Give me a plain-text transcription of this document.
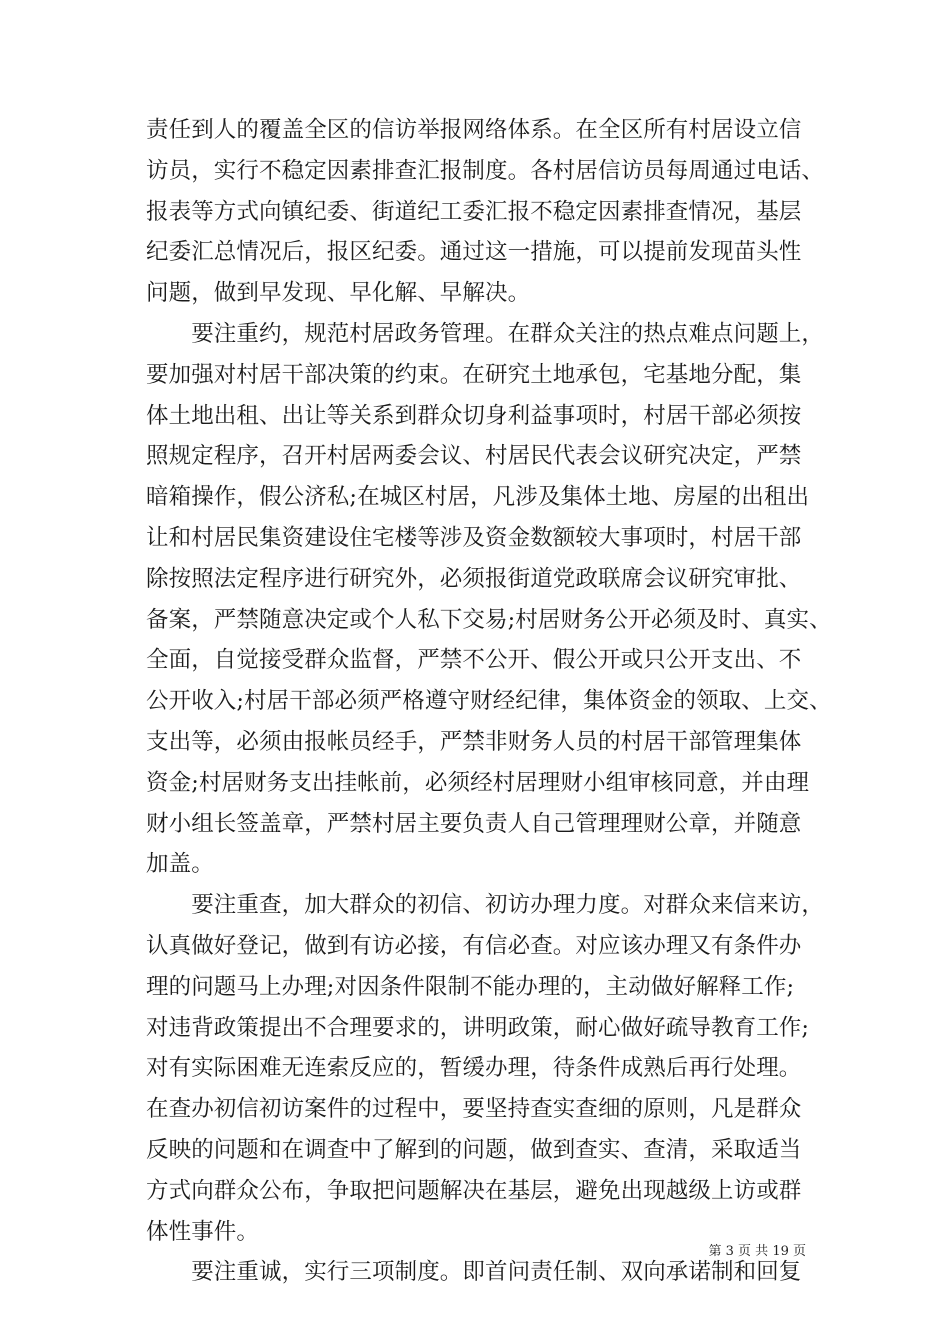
责任到人的覆盖全区的信访举报网络体系。在全区所有村居设立信
访员，实行不稳定因素排查汇报制度。各村居信访员每周通过电话、
报表等方式向镇纪委、街道纪工委汇报不稳定因素排查情况，基层
纪委汇总情况后，报区纪委。通过这一措施，可以提前发现苗头性
问题，做到早发现、早化解、早解决。

　　要注重约，规范村居政务管理。在群众关注的热点难点问题上，
要加强对村居干部决策的约束。在研究土地承包，宅基地分配，集
体土地出租、出让等关系到群众切身利益事项时，村居干部必须按
照规定程序，召开村居两委会议、村居民代表会议研究决定，严禁
暗箱操作，假公济私;在城区村居，凡涉及集体土地、房屋的出租出
让和村居民集资建设住宅楼等涉及资金数额较大事项时，村居干部
除按照法定程序进行研究外，必须报街道党政联席会议研究审批、
备案，严禁随意决定或个人私下交易;村居财务公开必须及时、真实、
全面，自觉接受群众监督，严禁不公开、假公开或只公开支出、不
公开收入;村居干部必须严格遵守财经纪律，集体资金的领取、上交、
支出等，必须由报帐员经手，严禁非财务人员的村居干部管理集体
资金;村居财务支出挂帐前，必须经村居理财小组审核同意，并由理
财小组长签盖章，严禁村居主要负责人自己管理理财公章，并随意
加盖。

　　要注重查，加大群众的初信、初访办理力度。对群众来信来访，
认真做好登记，做到有访必接，有信必查。对应该办理又有条件办
理的问题马上办理;对因条件限制不能办理的，主动做好解释工作;
对违背政策提出不合理要求的，讲明政策，耐心做好疏导教育工作;
对有实际困难无连索反应的，暂缓办理，待条件成熟后再行处理。
在查办初信初访案件的过程中，要坚持查实查细的原则，凡是群众
反映的问题和在调查中了解到的问题，做到查实、查清，采取适当
方式向群众公布，争取把问题解决在基层，避免出现越级上访或群
体性事件。

　　要注重诚，实行三项制度。即首问责任制、双向承诺制和回复

第 3 页 共 19 页
